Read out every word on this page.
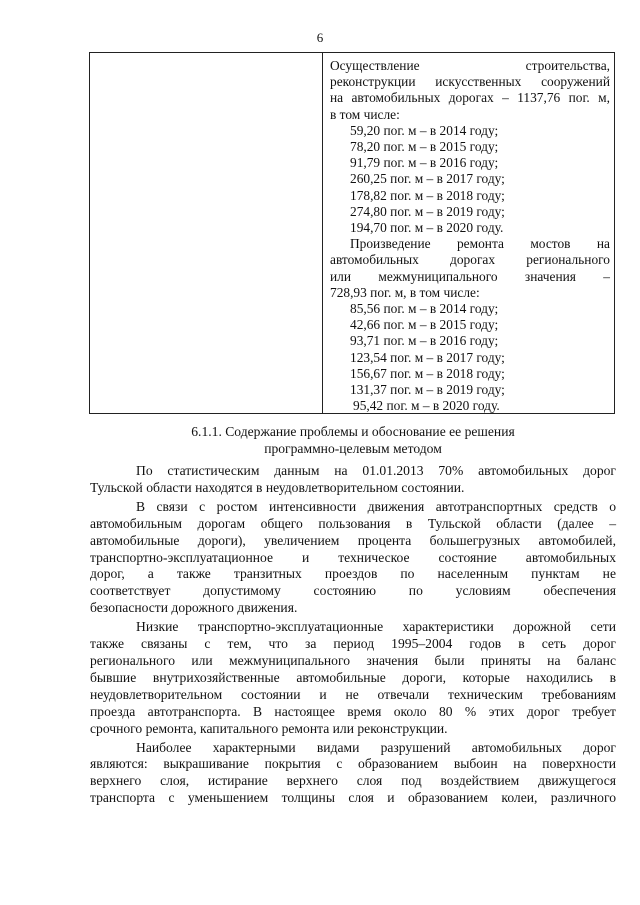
6

Осуществление строительства,

реконструкции искусственных сооружений

на автомобильных дорогах – 1137,76 пог. м,

в том числе:

59,20 пог. м – в 2014 году;

78,20 пог. м – в 2015 году;

91,79 пог. м – в 2016 году;

260,25 пог. м – в 2017 году;

178,82 пог. м – в 2018 году;

274,80 пог. м – в 2019 году;

194,70 пог. м – в 2020 году.

Произведение ремонта мостов на

автомобильных дорогах регионального

или межмуниципального значения –

728,93 пог. м, в том числе:

85,56 пог. м – в 2014 году;

42,66 пог. м – в 2015 году;

93,71 пог. м – в 2016 году;

123,54 пог. м – в 2017 году;

156,67 пог. м – в 2018 году;

131,37 пог. м – в 2019 году;

95,42 пог. м – в 2020 году.

6.1.1. Содержание проблемы и обоснование ее решения

программно-целевым методом

По статистическим данным на 01.01.2013 70% автомобильных дорог
Тульской области находятся в неудовлетворительном состоянии.
В связи с ростом интенсивности движения автотранспортных средств о
автомобильным дорогам общего пользования в Тульской области (далее –
автомобильные дороги), увеличением процента большегрузных автомобилей,
транспортно-эксплуатационное и техническое состояние автомобильных
дорог, а также транзитных проездов по населенным пунктам не
соответствует допустимому состоянию по условиям обеспечения
безопасности дорожного движения.
Низкие транспортно-эксплуатационные характеристики дорожной сети
также связаны с тем, что за период 1995–2004 годов в сеть дорог
регионального или межмуниципального значения были приняты на баланс
бывшие внутрихозяйственные автомобильные дороги, которые находились в
неудовлетворительном состоянии и не отвечали техническим требованиям
проезда автотранспорта. В настоящее время около 80 % этих дорог требует
срочного ремонта, капитального ремонта или реконструкции.
Наиболее характерными видами разрушений автомобильных дорог
являются: выкрашивание покрытия с образованием выбоин на поверхности
верхнего слоя, истирание верхнего слоя под воздействием движущегося
транспорта с уменьшением толщины слоя и образованием колеи, различного
